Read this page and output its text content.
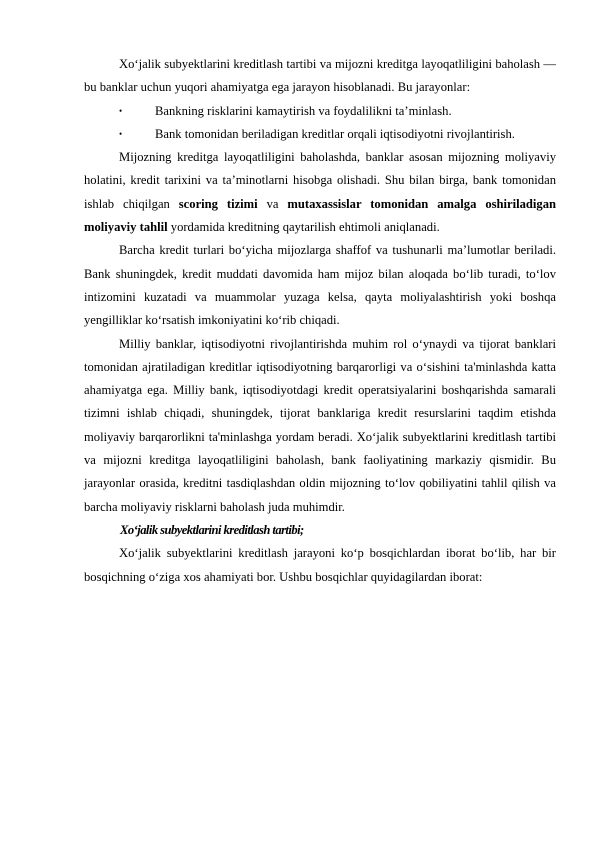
Xo‘jalik subyektlarini kreditlash tartibi va mijozni kreditga layoqatliligini baholash — bu banklar uchun yuqori ahamiyatga ega jarayon hisoblanadi. Bu jarayonlar:

•	Bankning risklarini kamaytirish va foydalilikni ta’minlash.
•	Bank tomonidan beriladigan kreditlar orqali iqtisodiyotni rivojlantirish.

Mijozning kreditga layoqatliligini baholashda, banklar asosan mijozning moliyaviy holatini, kredit tarixini va ta’minotlarni hisobga olishadi. Shu bilan birga, bank tomonidan ishlab chiqilgan scoring tizimi va mutaxassislar tomonidan amalga oshiriladigan moliyaviy tahlil yordamida kreditning qaytarilish ehtimoli aniqlanadi.

Barcha kredit turlari bo‘yicha mijozlarga shaffof va tushunarli ma’lumotlar beriladi. Bank shuningdek, kredit muddati davomida ham mijoz bilan aloqada bo‘lib turadi, to‘lov intizomini kuzatadi va muammolar yuzaga kelsa, qayta moliyalashtirish yoki boshqa yengilliklar ko‘rsatish imkoniyatini ko‘rib chiqadi.

Milliy banklar, iqtisodiyotni rivojlantirishda muhim rol o‘ynaydi va tijorat banklari tomonidan ajratiladigan kreditlar iqtisodiyotning barqarorligi va o‘sishini ta'minlashda katta ahamiyatga ega. Milliy bank, iqtisodiyotdagi kredit operatsiyalarini boshqarishda samarali tizimni ishlab chiqadi, shuningdek, tijorat banklariga kredit resurslarini taqdim etishda moliyaviy barqarorlikni ta'minlashga yordam beradi. Xo‘jalik subyektlarini kreditlash tartibi va mijozni kreditga layoqatliligini baholash, bank faoliyatining markaziy qismidir. Bu jarayonlar orasida, kreditni tasdiqlashdan oldin mijozning to‘lov qobiliyatini tahlil qilish va barcha moliyaviy risklarni baholash juda muhimdir.

Xo‘jalik subyektlarini kreditlash tartibi;

Xo‘jalik subyektlarini kreditlash jarayoni ko‘p bosqichlardan iborat bo‘lib, har bir bosqichning o‘ziga xos ahamiyati bor. Ushbu bosqichlar quyidagilardan iborat:
